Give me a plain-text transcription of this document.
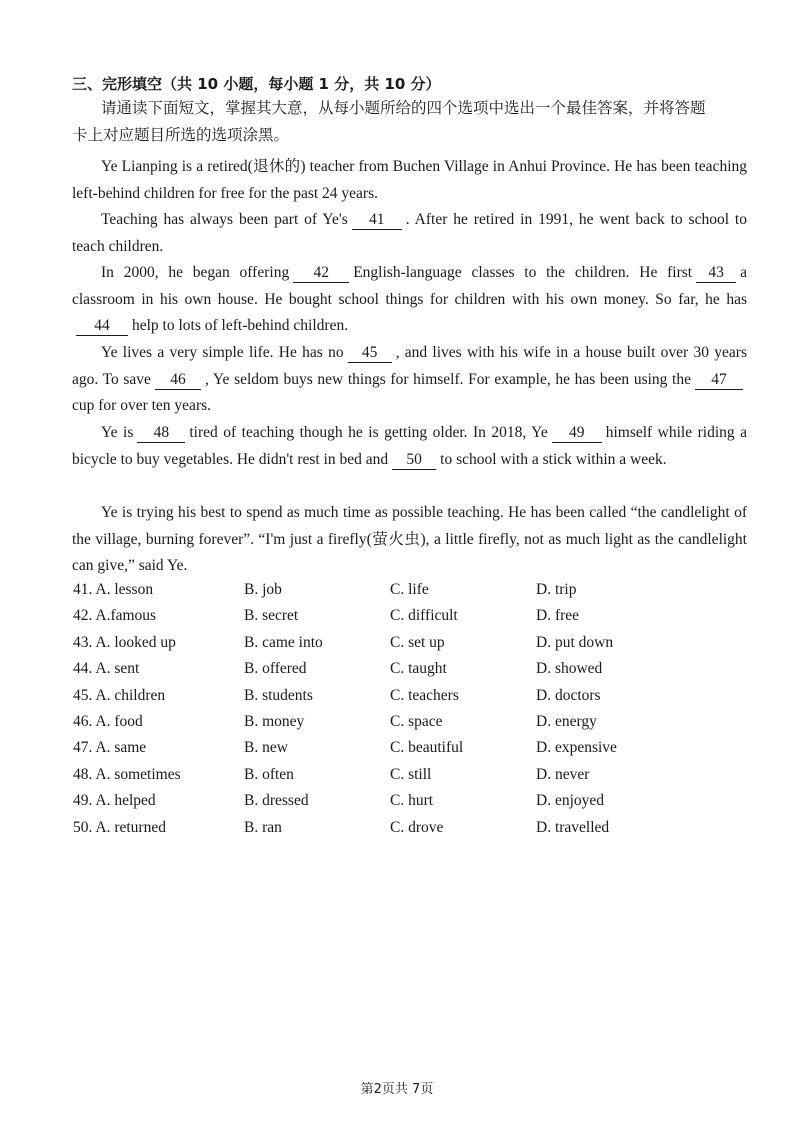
三、完形填空（共 10 小题，每小题 1 分，共 10 分）
请通读下面短文，掌握其大意，从每小题所给的四个选项中选出一个最佳答案，并将答题
卡上对应题目所选的选项涂黑。
Ye Lianping is a retired(退休的) teacher from Buchen Village in Anhui Province. He has been teaching left-behind children for free for the past 24 years.
Teaching has always been part of Ye's 41 . After he retired in 1991, he went back to school to teach children.
In 2000, he began offering 42 English-language classes to the children. He first 43 a classroom in his own house. He bought school things for children with his own money. So far, he has44 help to lots of left-behind children.
Ye lives a very simple life. He has no 45 , and lives with his wife in a house built over 30 years ago. To save 46 , Ye seldom buys new things for himself. For example, he has been using the 47cup for over ten years.
Ye is 48 tired of teaching though he is getting older. In 2018, Ye 49 himself while riding a bicycle to buy vegetables. He didn't rest in bed and 50 to school with a stick within a week.
Ye is trying his best to spend as much time as possible teaching. He has been called “the candlelight of the village, burning forever”. “I'm just a firefly(萤火虫), a little firefly, not as much light as the candlelight can give,” said Ye.
41. A. lesson	B. job	C. life	D. trip
42. A.famous	B. secret	C. difficult	D. free
43. A. looked up	B. came into	C. set up	D. put down
44. A. sent	B. offered	C. taught	D. showed
45. A. children	B. students	C. teachers	D. doctors
46. A. food	B. money	C. space	D. energy
47. A. same	B. new	C. beautiful	D. expensive
48. A. sometimes	B. often	C. still	D. never
49. A. helped	B. dressed	C. hurt	D. enjoyed
50. A. returned	B. ran	C. drove	D. travelled
第2页共 7页
